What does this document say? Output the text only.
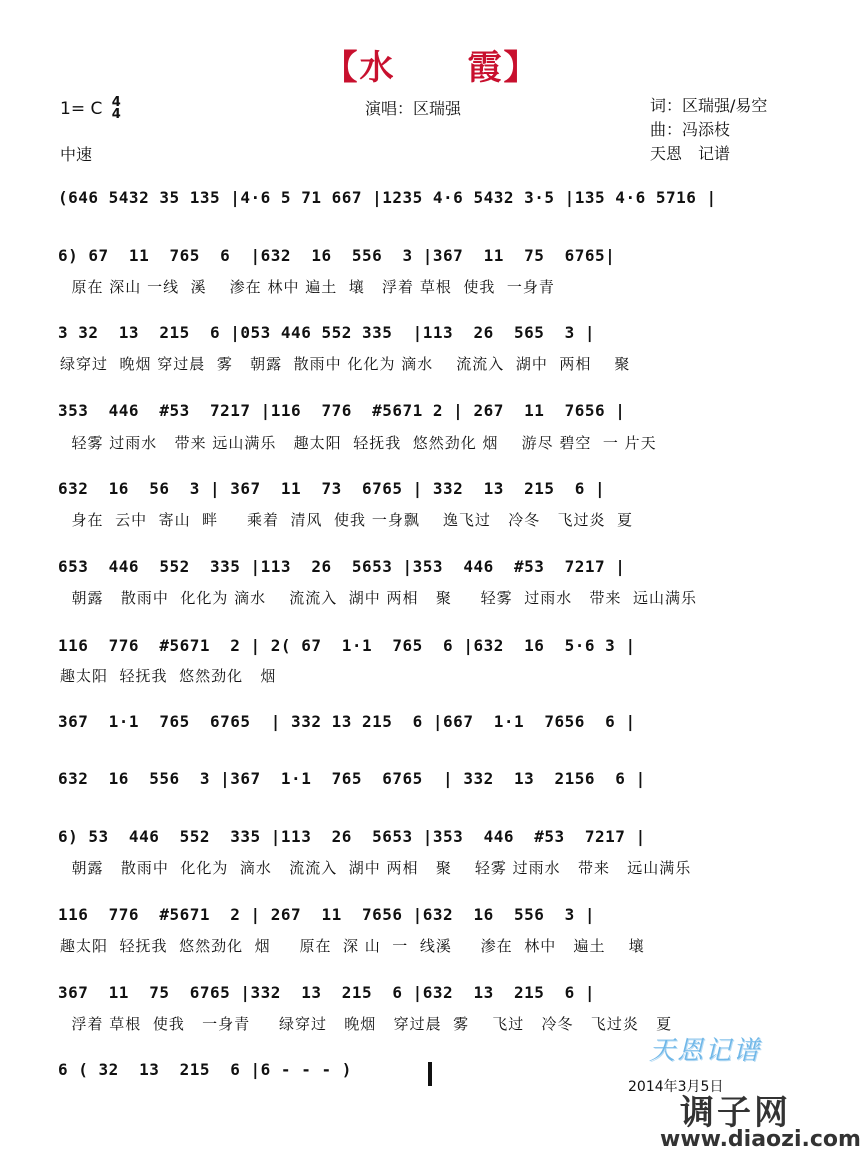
【水　　霞】
1= C 4
4	演唱：区瑞强	词：区瑞强/易空
曲：冯添枝
天恩　记谱
中速
(646 5432 35 135 |4·6 5 71 667 |1235 4·6 5432 3·5 |135 4·6 5716 |
6) 67  11  765  6  |632  16  556  3 |367  11  75  6765|
原在 深山 一线  溪    渗在 林中 遍土  壤   浮着 草根  使我  一身青
3 32  13  215  6 |053 446 552 335  |113  26  565  3 |
绿穿过  晚烟 穿过晨  雾   朝露  散雨中 化化为 滴水    流流入  湖中  两相    聚
353  446  #53  7217 |116  776  #5671 2 | 267  11  7656 |
轻雾 过雨水   带来 远山满乐   趣太阳  轻抚我  悠然劲化 烟    游尽 碧空  一 片天
632  16  56  3 | 367  11  73  6765 | 332  13  215  6 |
身在  云中  寄山  畔     乘着  清风  使我 一身飘    逸飞过   冷冬   飞过炎  夏
653  446  552  335 |113  26  5653 |353  446  #53  7217 |
朝露   散雨中  化化为 滴水    流流入  湖中 两相   聚     轻雾  过雨水   带来  远山满乐
116  776  #5671  2 | 2( 67  1·1  765  6 |632  16  5·6 3 |
趣太阳  轻抚我  悠然劲化   烟
367  1·1  765  6765  | 332 13 215  6 |667  1·1  7656  6 |
632  16  556  3 |367  1·1  765  6765  | 332  13  2156  6 |
6) 53  446  552  335 |113  26  5653 |353  446  #53  7217 |
朝露   散雨中  化化为  滴水   流流入  湖中 两相   聚    轻雾 过雨水   带来   远山满乐
116  776  #5671  2 | 267  11  7656 |632  16  556  3 |
趣太阳  轻抚我  悠然劲化  烟     原在  深 山  一  线溪     渗在  林中   遍土    壤
367  11  75  6765 |332  13  215  6 |632  13  215  6 |
浮着 草根  使我   一身青     绿穿过   晚烟   穿过晨  雾    飞过   冷冬   飞过炎   夏
6 ( 32  13  215  6 |6 - - - )
天恩记谱
2014年3月5日
调子网
www.diaozi.com
